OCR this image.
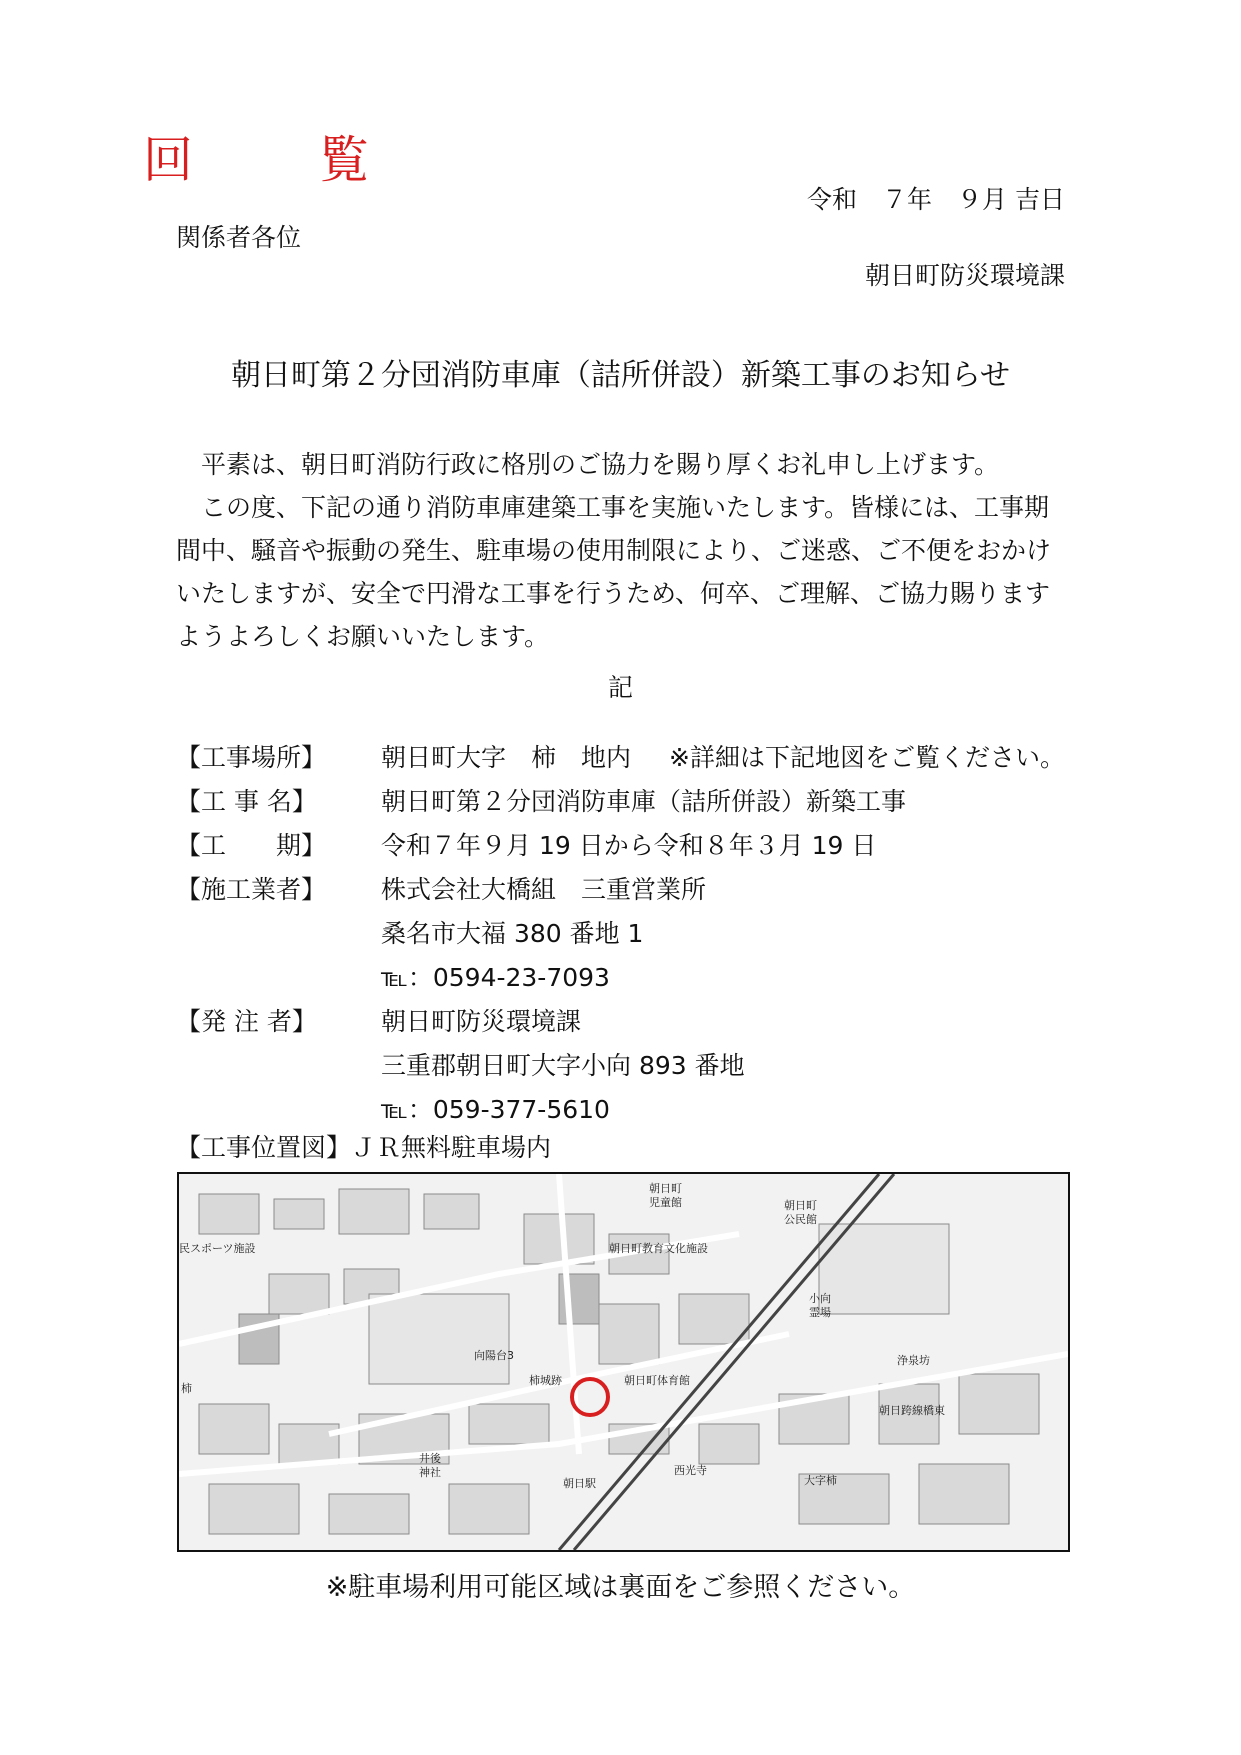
回　覧
令和　７年　９月 吉日
関係者各位
朝日町防災環境課
朝日町第２分団消防車庫（詰所併設）新築工事のお知らせ

平素は、朝日町消防行政に格別のご協力を賜り厚くお礼申し上げます。

この度、下記の通り消防車庫建築工事を実施いたします。皆様には、工事期間中、騒音や振動の発生、駐車場の使用制限により、ご迷惑、ご不便をおかけいたしますが、安全で円滑な工事を行うため、何卒、ご理解、ご協力賜りますようよろしくお願いいたします。

記
【工事場所】 朝日町大字　柿　地内 ※詳細は下記地図をご覧ください。
【工 事 名】	朝日町第２分団消防車庫（詰所併設）新築工事
【工　　期】 令和７年９月 19 日から令和８年３月 19 日
【施工業者】 株式会社大橋組　三重営業所
桑名市大福 380 番地 1
℡：0594-23-7093
【発 注 者】	朝日町防災環境課
三重郡朝日町大字小向 893 番地
℡：059-377-5610
【工事位置図】ＪＲ無料駐車場内
朝日町
児童館	朝日町
公民館
朝日町教育文化施設
民スポーツ施設
小向
霊場
向陽台3
柿城跡	朝日町体育館
浄泉坊
朝日跨線橋東
柿
井後
神社	西光寺
朝日駅	大字柿
※駐車場利用可能区域は裏面をご参照ください。
